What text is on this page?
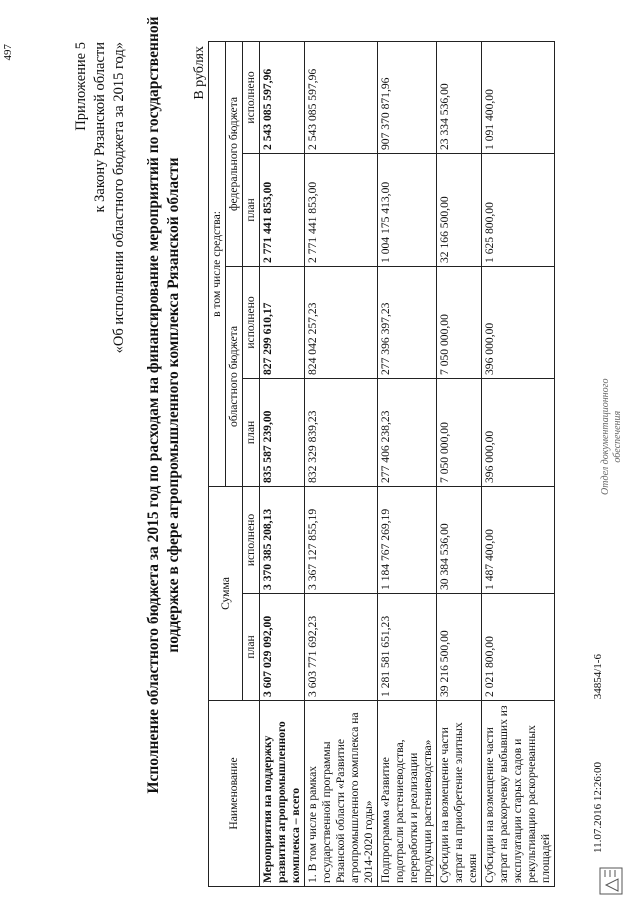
497	Приложение 5 к Закону Рязанской области «Об исполнении областного бюджета за 2015 год» Исполнение областного бюджета за 2015 год по расходам на финансирование мероприятий по государственной поддержке в сфере агропромышленного комплекса Рязанской области
В рублях
Наименование	Сумма		в том числе средства:			
			областного бюджета		федерального бюджета	
	план	исполнено	план	исполнено	план	исполнено
Мероприятия на поддержку развития агропромышленного комплекса – всего	3 607 029 092,00	3 370 385 208,13	835 587 239,00	827 299 610,17	2 771 441 853,00	2 543 085 597,96
1. В том числе в рамках государственной программы Рязанской области «Развитие агропромышленного комплекса на 2014-2020 годы»	3 603 771 692,23	3 367 127 855,19	832 329 839,23	824 042 257,23	2 771 441 853,00	2 543 085 597,96
Подпрограмма «Развитие подотрасли растениеводства, переработки и реализации продукции растениеводства»	1 281 581 651,23	1 184 767 269,19	277 406 238,23	277 396 397,23	1 004 175 413,00	907 370 871,96
Субсидии на возмещение части затрат на приобретение элитных семян	39 216 500,00	30 384 536,00	7 050 000,00	7 050 000,00	32 166 500,00	23 334 536,00
Субсидии на возмещение части затрат на раскорчевку выбывших из эксплуатации старых садов и рекультивацию раскорчеванных площадей	2 021 800,00	1 487 400,00	396 000,00	396 000,00	1 625 800,00	1 091 400,00
11.07.2016 12:26:00 34854/1-6
Отдел документационного обеспечения
